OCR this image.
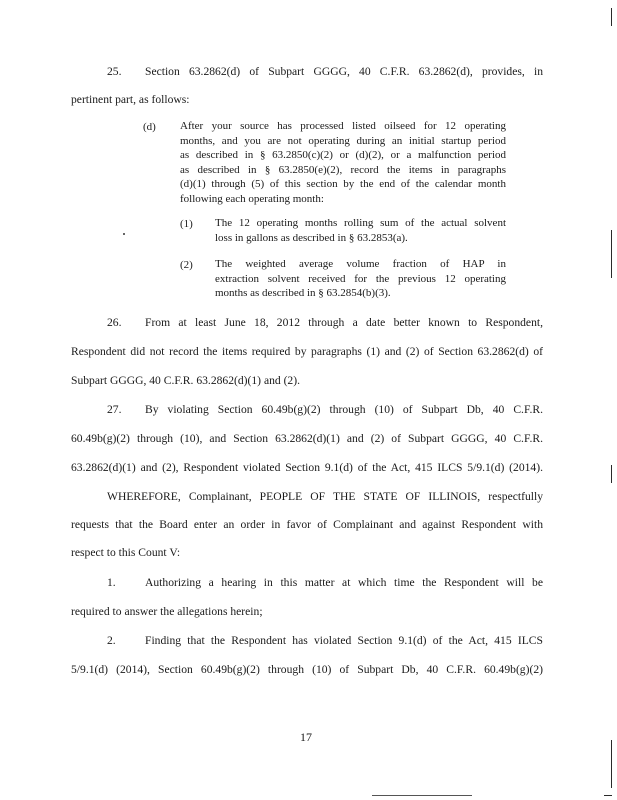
25. Section 63.2862(d) of Subpart GGGG, 40 C.F.R. 63.2862(d), provides, in
pertinent part, as follows:
(d) After your source has processed listed oilseed for 12 operating
months, and you are not operating during an initial startup period
as described in § 63.2850(c)(2) or (d)(2), or a malfunction period
as described in § 63.2850(e)(2), record the items in paragraphs
(d)(1) through (5) of this section by the end of the calendar month
following each operating month:
(1) The 12 operating months rolling sum of the actual solvent
loss in gallons as described in § 63.2853(a).
(2) The weighted average volume fraction of HAP in
extraction solvent received for the previous 12 operating
months as described in § 63.2854(b)(3).
26. From at least June 18, 2012 through a date better known to Respondent,
Respondent did not record the items required by paragraphs (1) and (2) of Section 63.2862(d) of
Subpart GGGG, 40 C.F.R. 63.2862(d)(1) and (2).
27. By violating Section 60.49b(g)(2) through (10) of Subpart Db, 40 C.F.R.
60.49b(g)(2) through (10), and Section 63.2862(d)(1) and (2) of Subpart GGGG, 40 C.F.R.
63.2862(d)(1) and (2), Respondent violated Section 9.1(d) of the Act, 415 ILCS 5/9.1(d) (2014).
WHEREFORE, Complainant, PEOPLE OF THE STATE OF ILLINOIS, respectfully
requests that the Board enter an order in favor of Complainant and against Respondent with
respect to this Count V:
1.	Authorizing a hearing in this matter at which time the Respondent will be
required to answer the allegations herein;
2.	Finding that the Respondent has violated Section 9.1(d) of the Act, 415 ILCS
5/9.1(d) (2014), Section 60.49b(g)(2) through (10) of Subpart Db, 40 C.F.R. 60.49b(g)(2)
17
